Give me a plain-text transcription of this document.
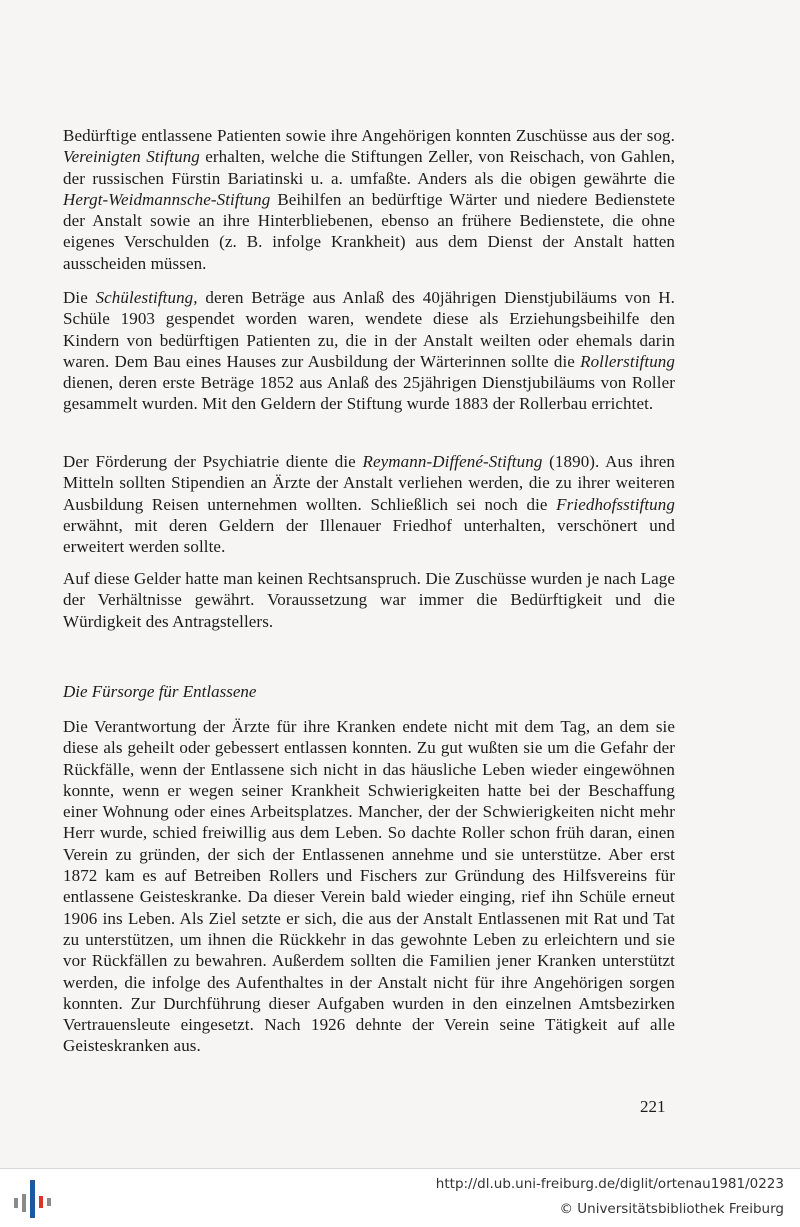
Bedürftige entlassene Patienten sowie ihre Angehörigen konnten Zuschüsse aus der sog. Vereinigten Stiftung erhalten, welche die Stiftungen Zeller, von Reischach, von Gahlen, der russischen Fürstin Bariatinski u. a. umfaßte. Anders als die obigen gewährte die Hergt-Weidmannsche-Stiftung Beihilfen an bedürftige Wärter und niedere Bedienstete der Anstalt sowie an ihre Hinterbliebenen, ebenso an frühere Bedienstete, die ohne eigenes Verschulden (z. B. infolge Krankheit) aus dem Dienst der Anstalt hatten ausscheiden müssen.
Die Schülestiftung, deren Beträge aus Anlaß des 40jährigen Dienstjubiläums von H. Schüle 1903 gespendet worden waren, wendete diese als Erziehungsbeihilfe den Kindern von bedürftigen Patienten zu, die in der Anstalt weilten oder ehemals darin waren. Dem Bau eines Hauses zur Ausbildung der Wärterinnen sollte die Rollerstiftung dienen, deren erste Beträge 1852 aus Anlaß des 25jährigen Dienstjubiläums von Roller gesammelt wurden. Mit den Geldern der Stiftung wurde 1883 der Rollerbau errichtet.
Der Förderung der Psychiatrie diente die Reymann-Diffené-Stiftung (1890). Aus ihren Mitteln sollten Stipendien an Ärzte der Anstalt verliehen werden, die zu ihrer weiteren Ausbildung Reisen unternehmen wollten. Schließlich sei noch die Friedhofsstiftung erwähnt, mit deren Geldern der Illenauer Friedhof unterhalten, verschönert und erweitert werden sollte.
Auf diese Gelder hatte man keinen Rechtsanspruch. Die Zuschüsse wurden je nach Lage der Verhältnisse gewährt. Voraussetzung war immer die Bedürftigkeit und die Würdigkeit des Antragstellers.
Die Fürsorge für Entlassene
Die Verantwortung der Ärzte für ihre Kranken endete nicht mit dem Tag, an dem sie diese als geheilt oder gebessert entlassen konnten. Zu gut wußten sie um die Gefahr der Rückfälle, wenn der Entlassene sich nicht in das häusliche Leben wieder eingewöhnen konnte, wenn er wegen seiner Krankheit Schwierigkeiten hatte bei der Beschaffung einer Wohnung oder eines Arbeitsplatzes. Mancher, der der Schwierigkeiten nicht mehr Herr wurde, schied freiwillig aus dem Leben. So dachte Roller schon früh daran, einen Verein zu gründen, der sich der Entlassenen annehme und sie unterstütze. Aber erst 1872 kam es auf Betreiben Rollers und Fischers zur Gründung des Hilfsvereins für entlassene Geisteskranke. Da dieser Verein bald wieder einging, rief ihn Schüle erneut 1906 ins Leben. Als Ziel setzte er sich, die aus der Anstalt Entlassenen mit Rat und Tat zu unterstützen, um ihnen die Rückkehr in das gewohnte Leben zu erleichtern und sie vor Rückfällen zu bewahren. Außerdem sollten die Familien jener Kranken unterstützt werden, die infolge des Aufenthaltes in der Anstalt nicht für ihre Angehörigen sorgen konnten. Zur Durchführung dieser Aufgaben wurden in den einzelnen Amtsbezirken Vertrauensleute eingesetzt. Nach 1926 dehnte der Verein seine Tätigkeit auf alle Geisteskranken aus.
221
http://dl.ub.uni-freiburg.de/diglit/ortenau1981/0223
© Universitätsbibliothek Freiburg
